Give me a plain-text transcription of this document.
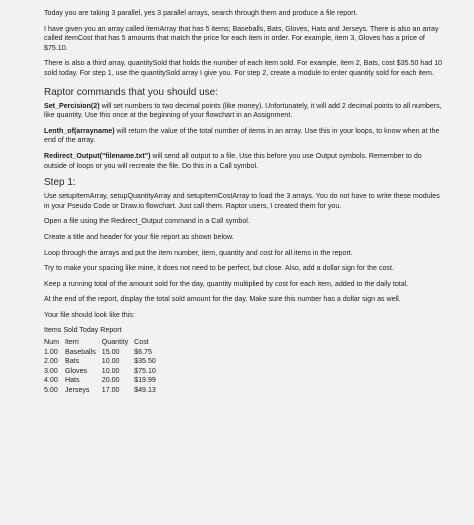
Today you are taking 3 parallel, yes 3 parallel arrays, search through them and produce a file report.

I have given you an array called itemArray that has 5 items; Baseballs, Bats, Gloves, Hats and Jerseys. There is also an array called itemCost that has 5 amounts that match the price for each item in order. For example, item 3, Gloves has a price of $75.10.

There is also a third array, quantitySold that holds the number of each item sold. For example, item 2, Bats, cost $35.50 had 10 sold today. For step 1, use the quantitySold array I give you. For step 2, create a module to enter quantity sold for each item.

Raptor commands that you should use:

Set_Percision(2) will set numbers to two decimal points (like money). Unfortunately, it will add 2 decimal points to all numbers, like quantity. Use this once at the beginning of your flowchart in an Assignment.

Lenth_of(arrayname) will return the value of the total number of items in an array. Use this in your loops, to know when at the end of the array.

Redirect_Output("filename.txt") will send all output to a file. Use this before you use Output symbols. Remember to do outside of loops or you will recreate the file. Do this in a Call symbol.

Step 1:

Use setupItemArray, setupQuantityArray and setupItemCostArray to load the 3 arrays. You do not have to write these modules in your Pseudo Code or Draw.io flowchart. Just call them. Raptor users, I created them for you.

Open a file using the Redirect_Output command in a Call symbol.

Create a title and header for your file report as shown below.

Loop through the arrays and put the item number, item, quantity and cost for all items in the report.

Try to make your spacing like mine, it does not need to be perfect, but close. Also, add a dollar sign for the cost.

Keep a running total of the amount sold for the day, quantity multiplied by cost for each item, added to the daily total.

At the end of the report, display the total sold amount for the day. Make sure this number has a dollar sign as well.

Your file should look like this:

Items Sold Today Report
Num	Item	Quantity	Cost
1.00	Baseballs	15.00	$6.75
2.00	Bats	10.00	$35.50
3.00	Gloves	10.00	$75.10
4.00	Hats	20.00	$19.99
5.00	Jerseys	17.00	$49.13
